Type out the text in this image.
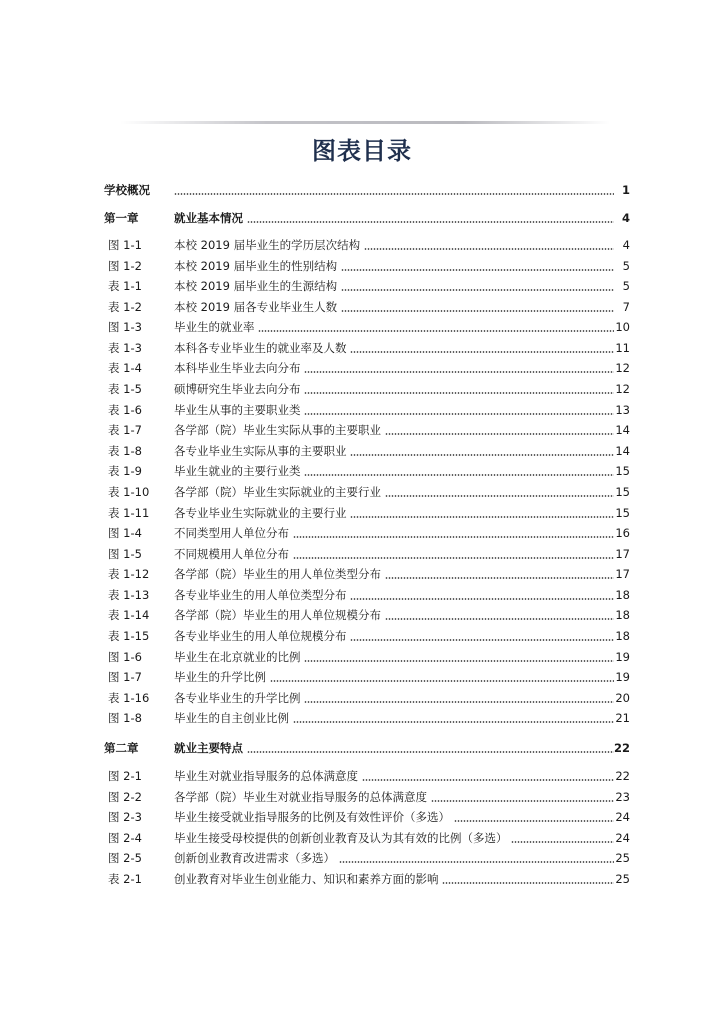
图表目录
学校概况	1
第一章	就业基本情况	4
图 1-1	本校 2019 届毕业生的学历层次结构	4
图 1-2	本校 2019 届毕业生的性别结构	5
表 1-1	本校 2019 届毕业生的生源结构	5
表 1-2	本校 2019 届各专业毕业生人数	7
图 1-3	毕业生的就业率	10
表 1-3	本科各专业毕业生的就业率及人数	11
表 1-4	本科毕业生毕业去向分布	12
表 1-5	硕博研究生毕业去向分布	12
表 1-6	毕业生从事的主要职业类	13
表 1-7	各学部（院）毕业生实际从事的主要职业	14
表 1-8	各专业毕业生实际从事的主要职业	14
表 1-9	毕业生就业的主要行业类	15
表 1-10 各学部（院）毕业生实际就业的主要行业	15
表 1-11 各专业毕业生实际就业的主要行业	15
图 1-4	不同类型用人单位分布	16
图 1-5	不同规模用人单位分布	17
表 1-12 各学部（院）毕业生的用人单位类型分布	17
表 1-13 各专业毕业生的用人单位类型分布	18
表 1-14 各学部（院）毕业生的用人单位规模分布	18
表 1-15 各专业毕业生的用人单位规模分布	18
图 1-6	毕业生在北京就业的比例	19
图 1-7	毕业生的升学比例	19
表 1-16 各专业毕业生的升学比例	20
图 1-8	毕业生的自主创业比例	21
第二章	就业主要特点	22
图 2-1	毕业生对就业指导服务的总体满意度	22
图 2-2	各学部（院）毕业生对就业指导服务的总体满意度	23
图 2-3	毕业生接受就业指导服务的比例及有效性评价（多选）	24
图 2-4	毕业生接受母校提供的创新创业教育及认为其有效的比例（多选）	24
图 2-5	创新创业教育改进需求（多选）	25
表 2-1	创业教育对毕业生创业能力、知识和素养方面的影响	25
